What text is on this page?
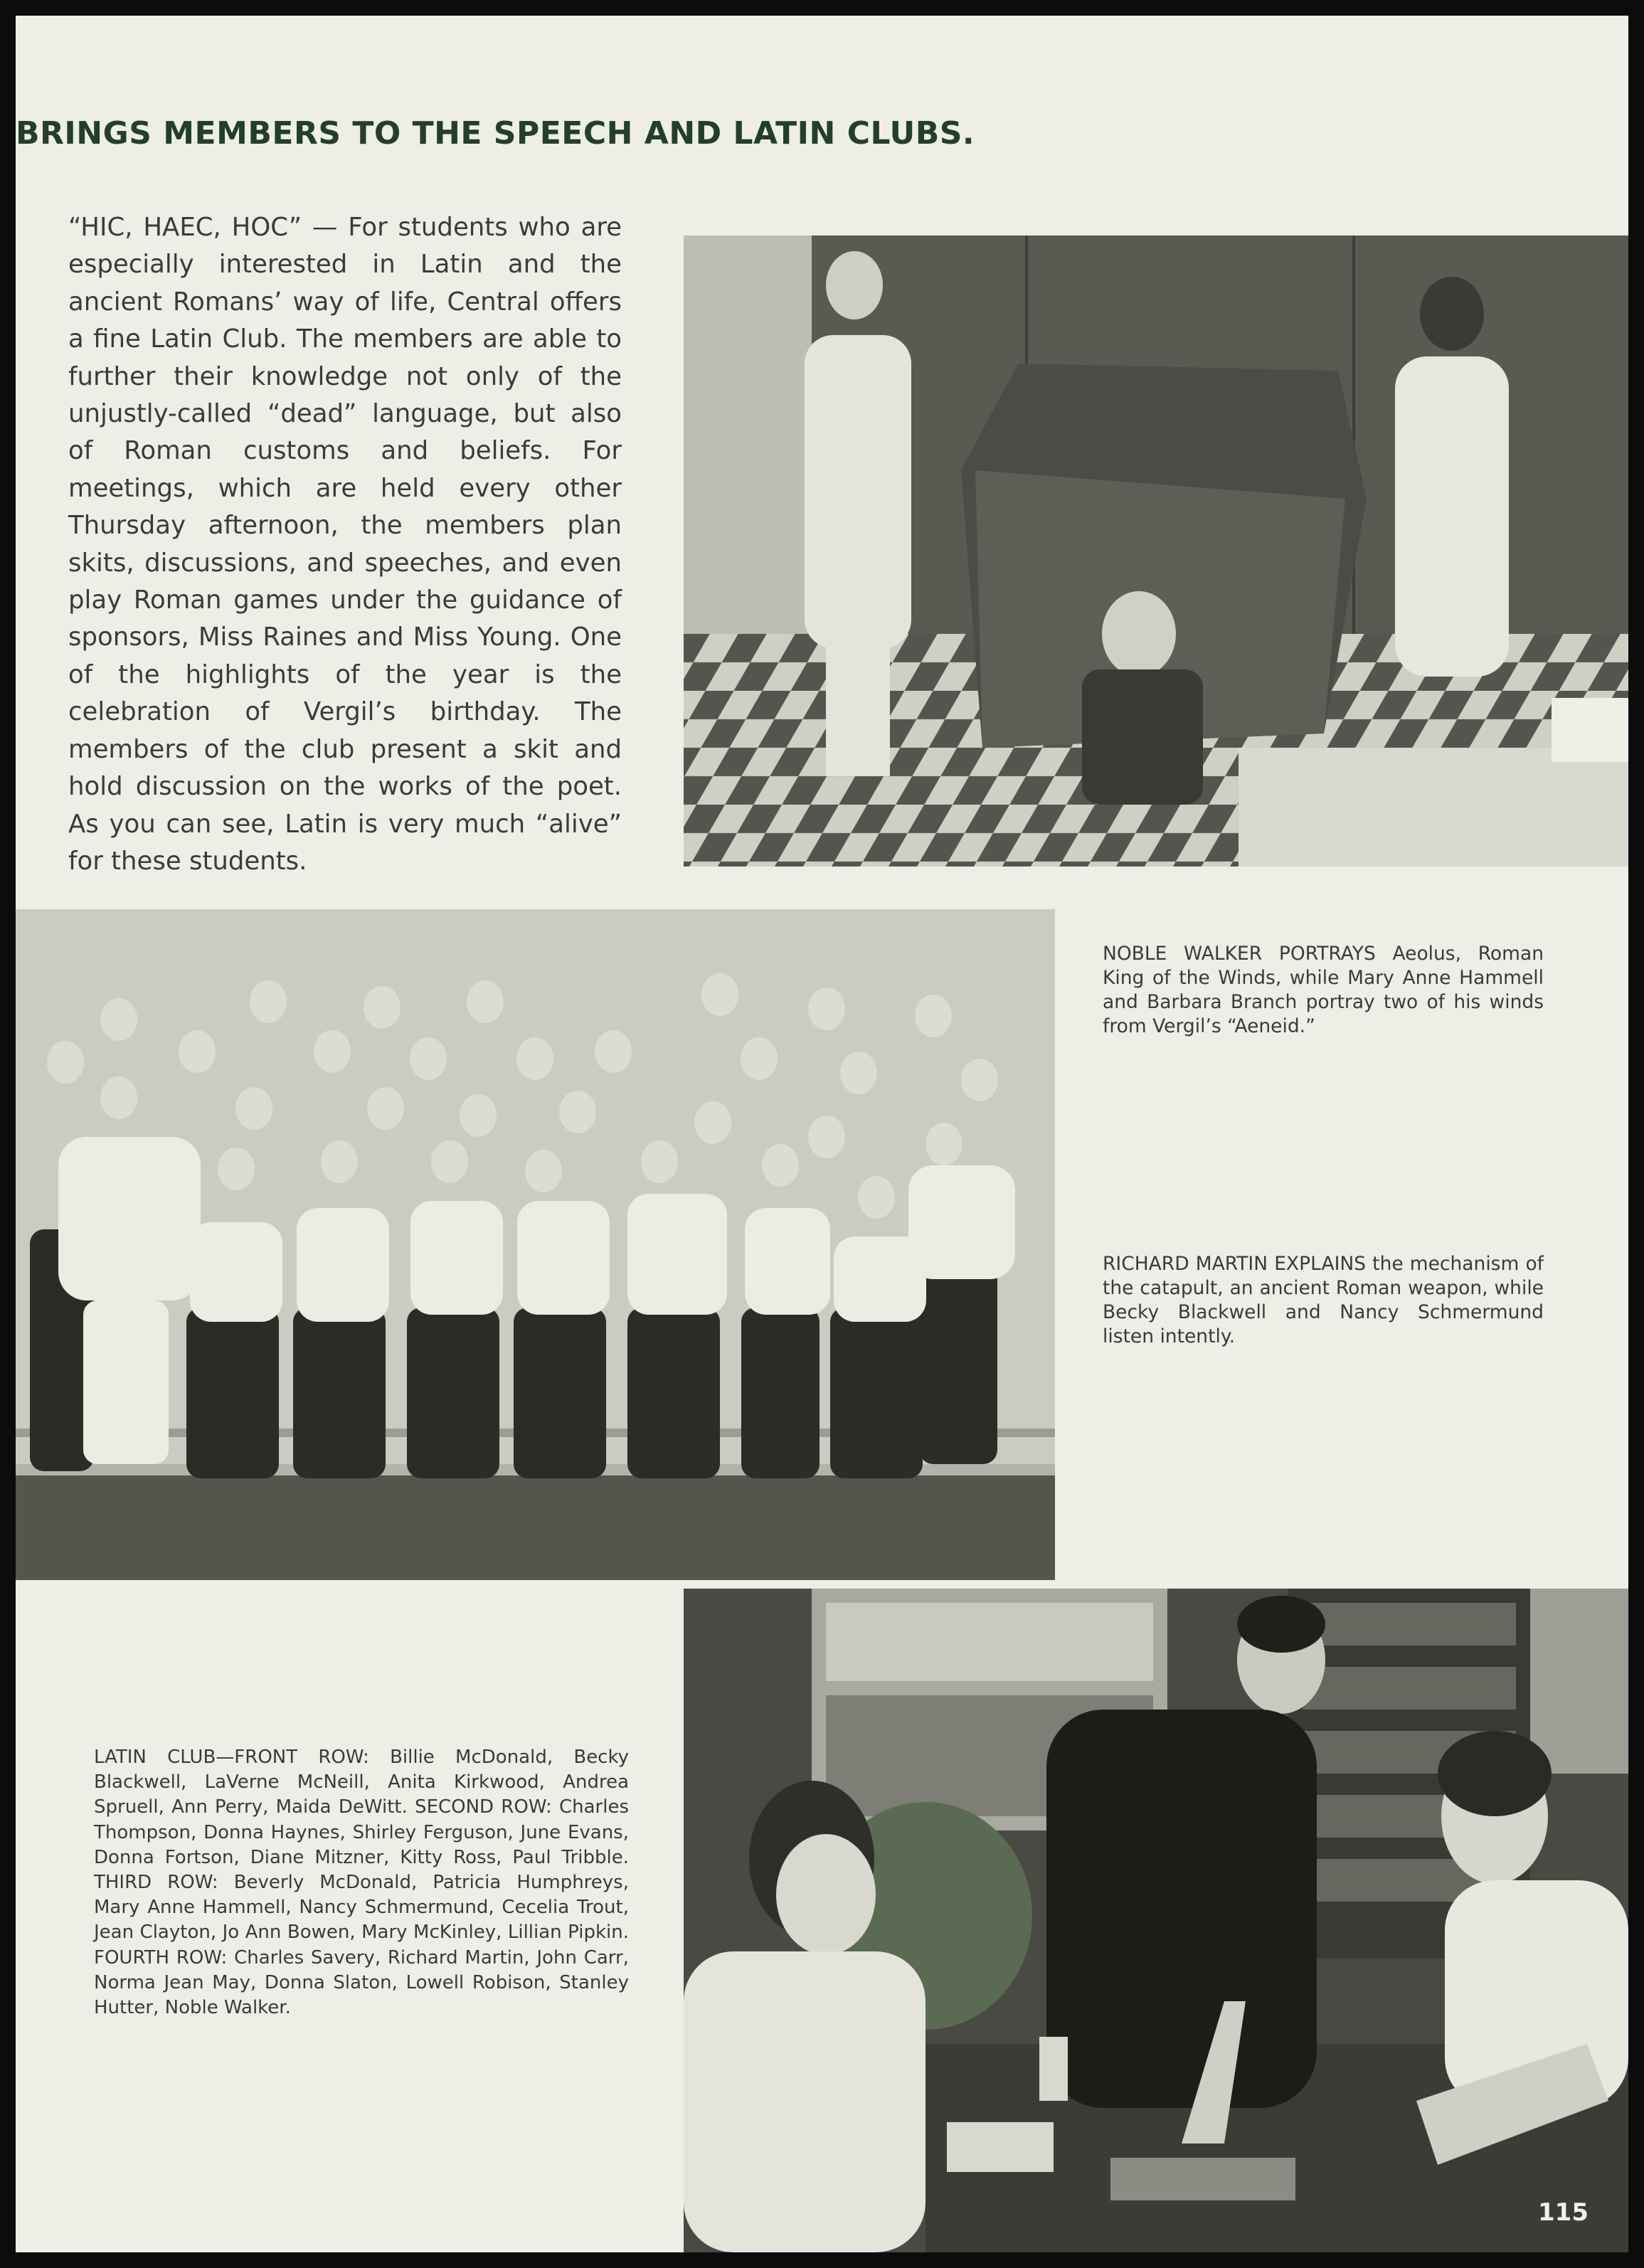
BRINGS MEMBERS TO THE SPEECH AND LATIN CLUBS.

“HIC, HAEC, HOC” — For students who are especially interested in Latin and the ancient Romans’ way of life, Central offers a fine Latin Club. The members are able to further their knowledge not only of the unjustly-called “dead” language, but also of Roman customs and beliefs. For meetings, which are held every other Thursday afternoon, the members plan skits, discussions, and speeches, and even play Roman games under the guidance of sponsors, Miss Raines and Miss Young. One of the highlights of the year is the celebration of Vergil’s birthday. The members of the club present a skit and hold discussion on the works of the poet. As you can see, Latin is very much “alive” for these students.

NOBLE WALKER PORTRAYS Aeolus, Roman King of the Winds, while Mary Anne Hammell and Barbara Branch portray two of his winds from Vergil’s “Aeneid.”

RICHARD MARTIN EXPLAINS the mechanism of the catapult, an ancient Roman weapon, while Becky Blackwell and Nancy Schmermund listen intently.

LATIN CLUB—FRONT ROW: Billie McDonald, Becky Blackwell, LaVerne McNeill, Anita Kirkwood, Andrea Spruell, Ann Perry, Maida DeWitt. SECOND ROW: Charles Thompson, Donna Haynes, Shirley Ferguson, June Evans, Donna Fortson, Diane Mitzner, Kitty Ross, Paul Tribble. THIRD ROW: Beverly McDonald, Patricia Humphreys, Mary Anne Hammell, Nancy Schmermund, Cecelia Trout, Jean Clayton, Jo Ann Bowen, Mary McKinley, Lillian Pipkin. FOURTH ROW: Charles Savery, Richard Martin, John Carr, Norma Jean May, Donna Slaton, Lowell Robison, Stanley Hutter, Noble Walker.

115
